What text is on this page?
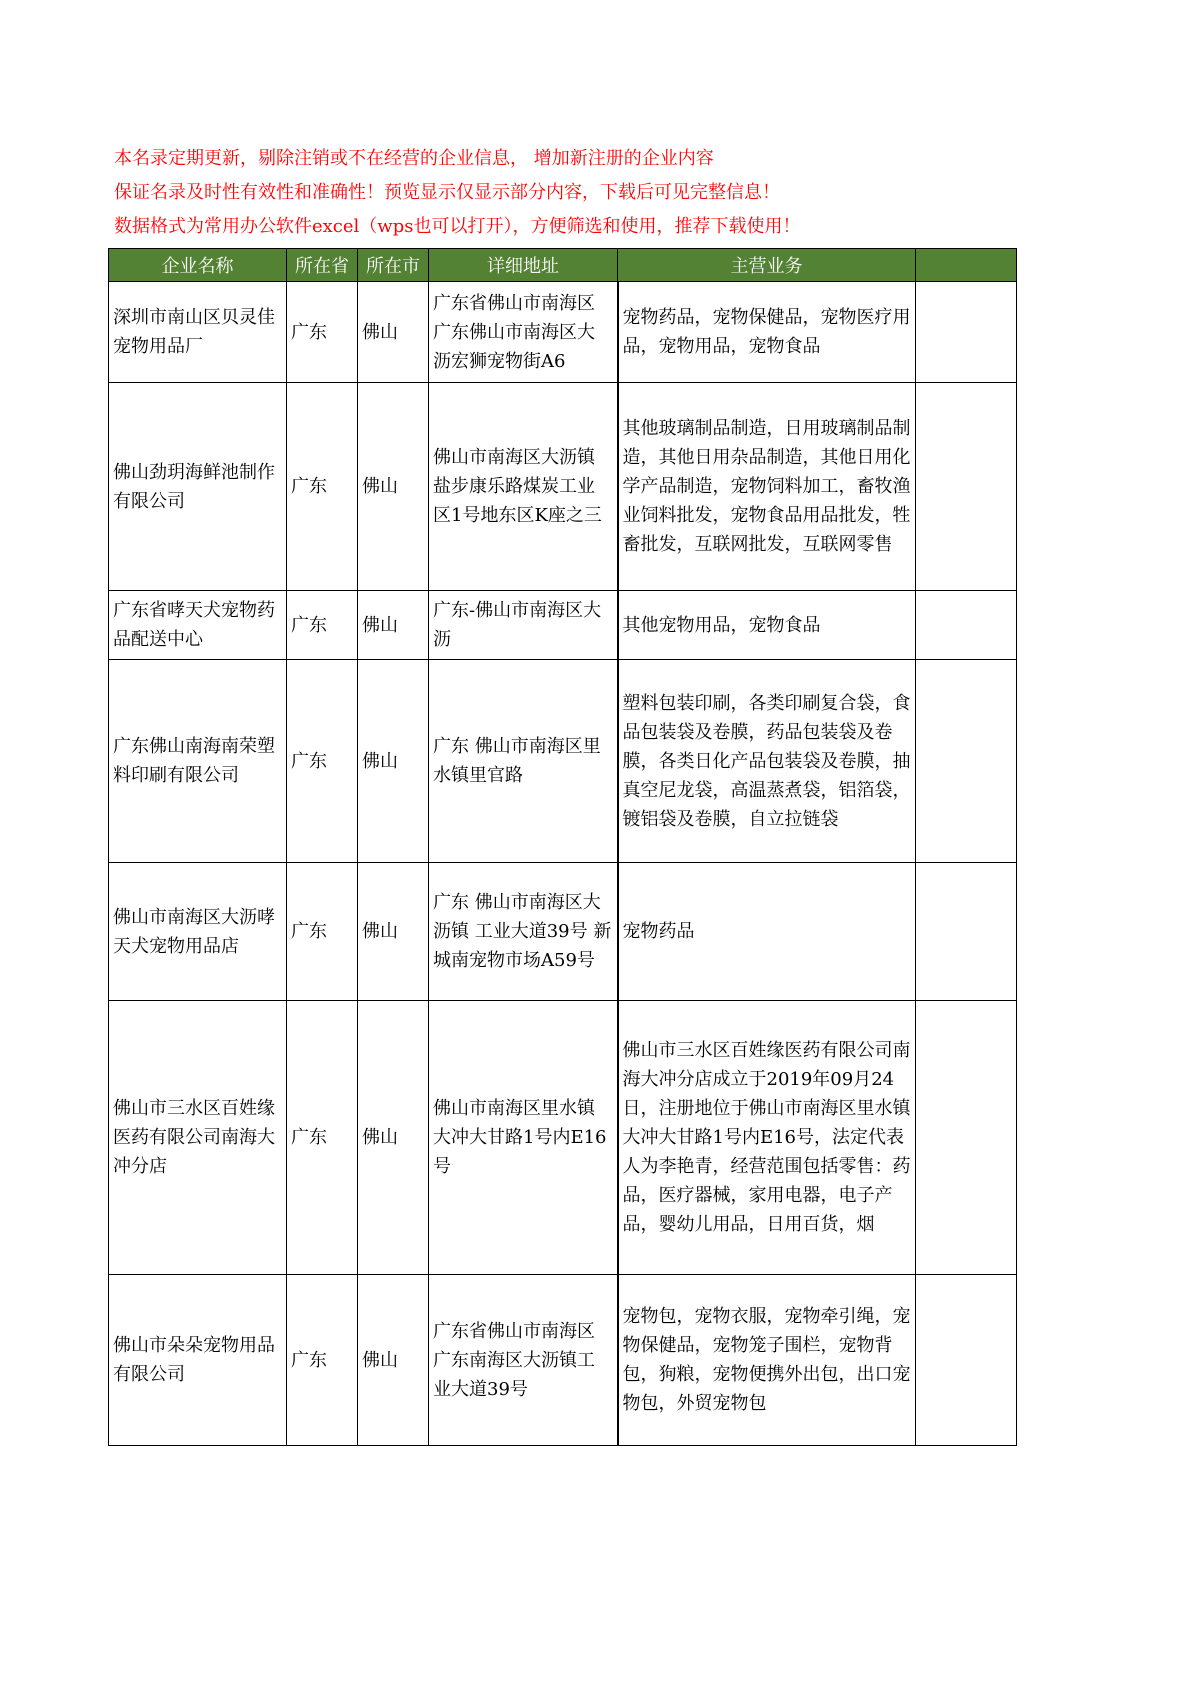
本名录定期更新，剔除注销或不在经营的企业信息， 增加新注册的企业内容
保证名录及时性有效性和准确性！预览显示仅显示部分内容，下载后可见完整信息！
数据格式为常用办公软件excel（wps也可以打开），方便筛选和使用，推荐下载使用！
企业名称	所在省	所在市	详细地址	主营业务	
深圳市南山区贝灵佳宠物用品厂	广东	佛山	广东省佛山市南海区广东佛山市南海区大沥宏狮宠物街A6	宠物药品，宠物保健品，宠物医疗用品，宠物用品，宠物食品	
佛山劲玥海鲜池制作有限公司	广东	佛山	佛山市南海区大沥镇盐步康乐路煤炭工业区1号地东区K座之三	其他玻璃制品制造，日用玻璃制品制造，其他日用杂品制造，其他日用化学产品制造，宠物饲料加工，畜牧渔业饲料批发，宠物食品用品批发，牲畜批发，互联网批发，互联网零售	
广东省哮天犬宠物药品配送中心	广东	佛山	广东-佛山市南海区大沥	其他宠物用品，宠物食品	
广东佛山南海南荣塑料印刷有限公司	广东	佛山	广东 佛山市南海区里水镇里官路	塑料包装印刷，各类印刷复合袋，食品包装袋及卷膜，药品包装袋及卷膜，各类日化产品包装袋及卷膜，抽真空尼龙袋，高温蒸煮袋，铝箔袋，镀铝袋及卷膜，自立拉链袋	
佛山市南海区大沥哮天犬宠物用品店	广东	佛山	广东 佛山市南海区大沥镇 工业大道39号 新城南宠物市场A59号	宠物药品	
佛山市三水区百姓缘医药有限公司南海大冲分店	广东	佛山	佛山市南海区里水镇大冲大甘路1号内E16号	佛山市三水区百姓缘医药有限公司南海大冲分店成立于2019年09月24日，注册地位于佛山市南海区里水镇大冲大甘路1号内E16号，法定代表人为李艳青，经营范围包括零售：药品，医疗器械，家用电器，电子产品，婴幼儿用品，日用百货，烟	
佛山市朵朵宠物用品有限公司	广东	佛山	广东省佛山市南海区广东南海区大沥镇工业大道39号	宠物包，宠物衣服，宠物牵引绳，宠物保健品，宠物笼子围栏，宠物背包，狗粮，宠物便携外出包，出口宠物包，外贸宠物包	
